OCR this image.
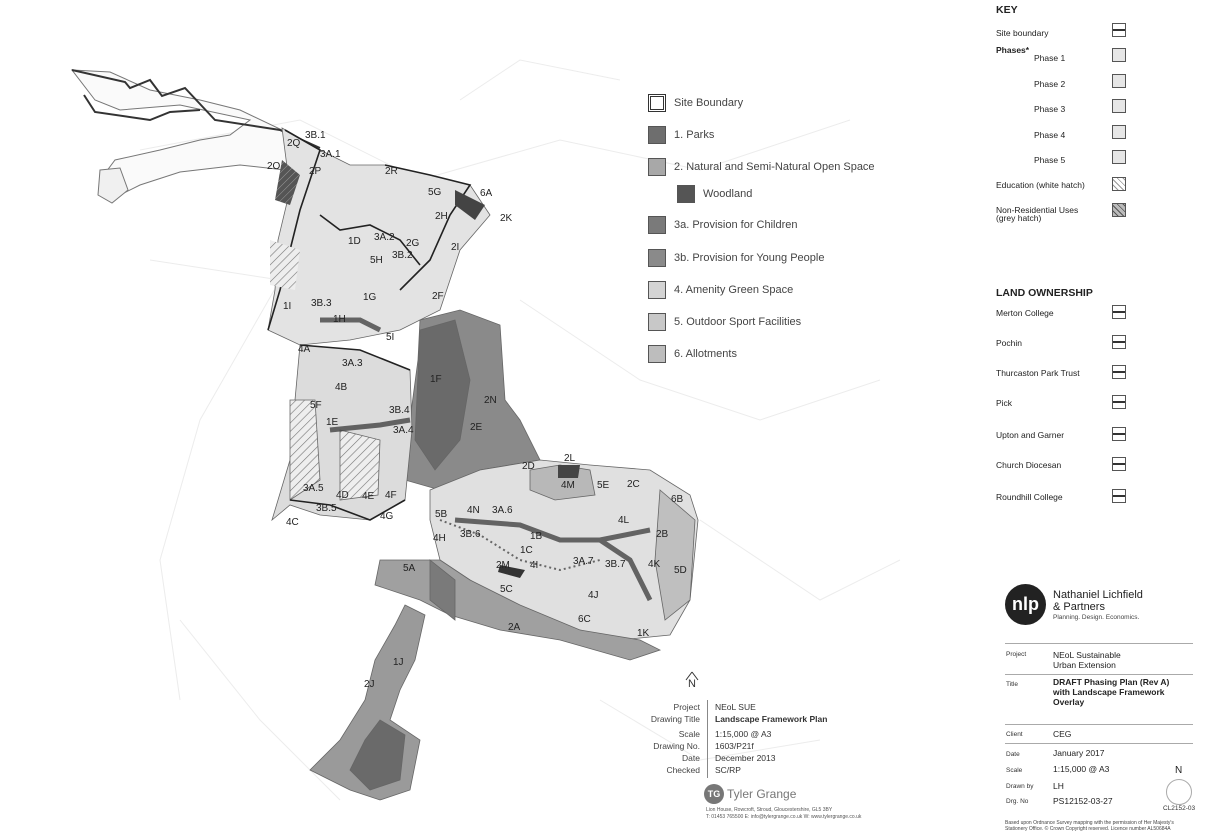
3B.1
3A.1
2Q
2O	2P	2R
5G	6A
2K
2H
2I
3A.2
2G
1D
5H 3B.2
2F
1G
3B.3
1I
1H
5I
4A
3A.3
1F
4B
5F	3B.4
2N
1E
3A.4	2E
2L
2D
4M 5E 2C
6B
3A.5
4D 4E 4F
3B.5
4C
4G	5B 4N 3A.6
4L
2B
4H 3B.6	1B
1C
2M 4I	3A.7 3B.7 4K
5D
5A
5C
4J
2A
6C
1K
1J
2J	N
Site Boundary
1. Parks
2. Natural and Semi-Natural Open Space
Woodland
3a. Provision for Children
3b. Provision for Young People
4. Amenity Green Space
5. Outdoor Sport Facilities
6. Allotments
Project NEoL SUE
Drawing Title Landscape Framework Plan
Scale 1:15,000 @ A3
Drawing No. 1603/P21f
Date December 2013
Checked SC/RP
TG Tyler Grange
Lion House, Rowcroft, Stroud, Gloucestershire, GL5 3BY
T: 01453 765500 E: info@tylergrange.co.uk W: www.tylergrange.co.uk
KEY
Site boundary
Phases*
Phase 1
Phase 2
Phase 3
Phase 4
Phase 5
Education (white hatch)
Non-Residential Uses (grey hatch)
LAND OWNERSHIP
Merton College
Pochin
Thurcaston Park Trust
Pick
Upton and Garner
Church Diocesan
Roundhill College
nlp Nathaniel Lichfield
& Partners
Planning. Design. Economics.
Project	NEoL Sustainable
Urban Extension
Title	DRAFT Phasing Plan (Rev A)
with Landscape Framework
Overlay
Client	CEG
Date	January 2017
Scale	1:15,000 @ A3
Drawn by LH
Drg. No	PS12152-03-27
N
CL2152-03
Based upon Ordnance Survey mapping with the permission of Her Majesty's
Stationery Office. © Crown Copyright reserved. Licence number AL50684A
